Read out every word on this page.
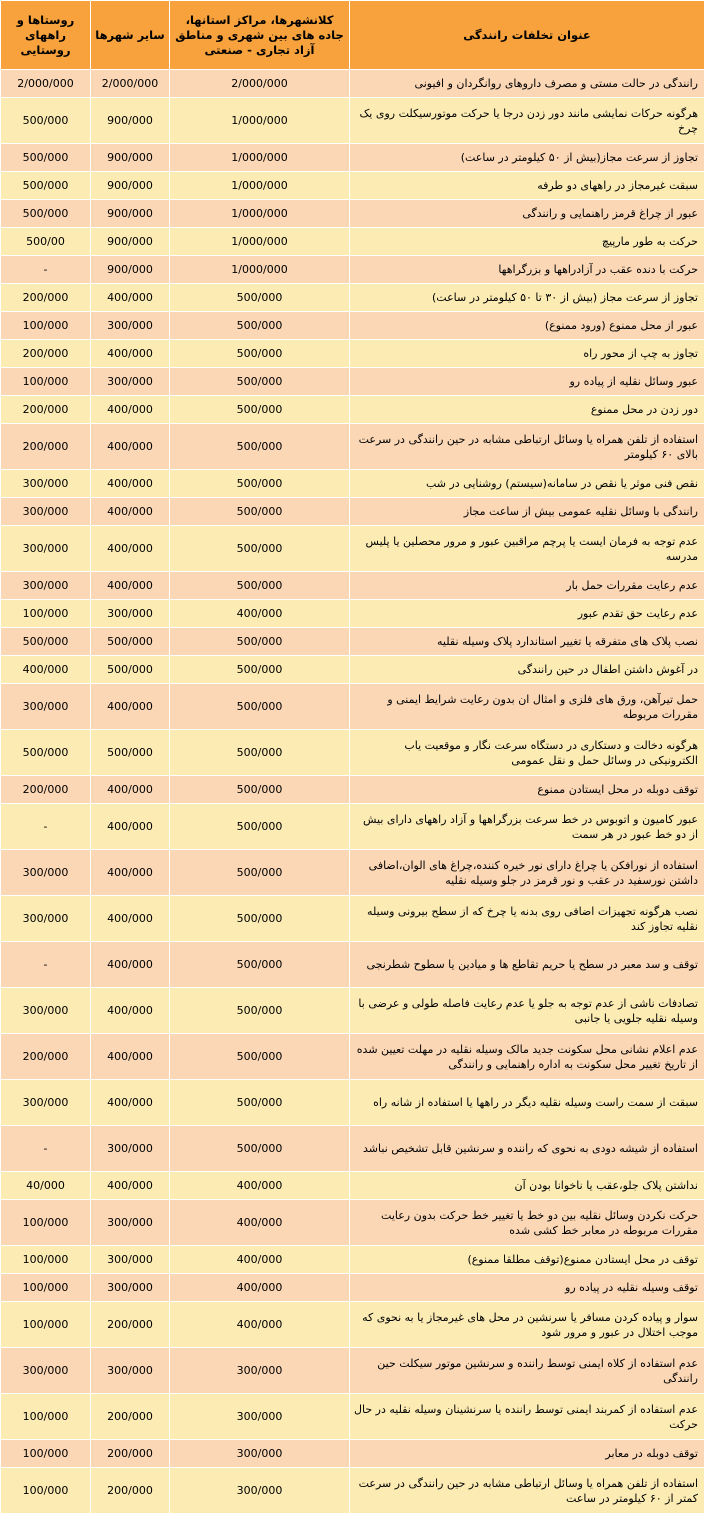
روستاها و راههای روستایی	سایر شهرها	کلانشهرها، مراکز استانها، جاده های بین شهری و مناطق آزاد تجاری - صنعتی	عنوان تخلفات رانندگی
2/000/000	2/000/000	2/000/000	رانندگی در حالت مستی و مصرف داروهای روانگردان و افیونی
500/000	900/000	1/000/000	هرگونه حرکات نمایشی مانند دور زدن درجا یا حرکت موتورسیکلت روی یک چرخ
500/000	900/000	1/000/000	تجاوز از سرعت مجاز(بیش از ۵۰ کیلومتر در ساعت)
500/000	900/000	1/000/000	سبقت غیرمجاز در راههای دو طرفه
500/000	900/000	1/000/000	عبور از چراغ قرمز راهنمایی و رانندگی
500/00	900/000	1/000/000	حرکت به طور مارپیچ
-	900/000	1/000/000	حرکت با دنده عقب در آزادراهها و بزرگراهها
200/000	400/000	500/000	تجاوز از سرعت مجاز (بیش از ۳۰ تا ۵۰ کیلومتر در ساعت)
100/000	300/000	500/000	عبور از محل ممنوع (ورود ممنوع)
200/000	400/000	500/000	تجاوز به چپ از محور راه
100/000	300/000	500/000	عبور وسائل نقلیه از پیاده رو
200/000	400/000	500/000	دور زدن در محل ممنوع
200/000	400/000	500/000	استفاده از تلفن همراه یا وسائل ارتباطی مشابه در حین رانندگی در سرعت بالای ۶۰ کیلومتر
300/000	400/000	500/000	نقص فنی موثر یا نقص در سامانه(سیستم) روشنایی در شب
300/000	400/000	500/000	رانندگی با وسائل نقلیه عمومی بیش از ساعت مجاز
300/000	400/000	500/000	عدم توجه به فرمان ایست یا پرچم مراقبین عبور و مرور محصلین یا پلیس مدرسه
300/000	400/000	500/000	عدم رعایت مقررات حمل بار
100/000	300/000	400/000	عدم رعایت حق تقدم عبور
500/000	500/000	500/000	نصب پلاک های متفرقه یا تغییر استاندارد پلاک وسیله نقلیه
400/000	500/000	500/000	در آغوش داشتن اطفال در حین رانندگی
300/000	400/000	500/000	حمل تیرآهن، ورق های فلزی و امثال ان بدون رعایت شرایط ایمنی و مقررات مربوطه
500/000	500/000	500/000	هرگونه دخالت و دستکاری در دستگاه سرعت نگار و موقعیت یاب الکترونیکی در وسائل حمل و نقل عمومی
200/000	400/000	500/000	توقف دوبله در محل ایستادن ممنوع
-	400/000	500/000	عبور کامیون و اتوبوس در خط سرعت بزرگراهها و آزاد راههای دارای بیش از دو خط عبور در هر سمت
300/000	400/000	500/000	استفاده از نورافکن یا چراغ دارای نور خیره کننده،چراغ های الوان،اضافی داشتن نورسفید در عقب و نور قرمز در جلو وسیله نقلیه
300/000	400/000	500/000	نصب هرگونه تجهیزات اضافی روی بدنه یا چرخ که از سطح بیرونی وسیله نقلیه تجاوز کند
-	400/000	500/000	توقف و سد معبر در سطح یا حریم تقاطع ها و میادین یا سطوح شطرنجی
300/000	400/000	500/000	تصادفات ناشی از عدم توجه به جلو یا عدم رعایت فاصله طولی و عرضی با وسیله نقلیه جلویی یا جانبی
200/000	400/000	500/000	عدم اعلام نشانی محل سکونت جدید مالک وسیله نقلیه در مهلت تعیین شده از تاریخ تغییر محل سکونت به اداره راهنمایی و رانندگی
300/000	400/000	500/000	سبقت از سمت راست وسیله نقلیه دیگر در راهها یا استفاده از شانه راه
-	300/000	500/000	استفاده از شیشه دودی به نحوی که راننده و سرنشین قابل تشخیص نباشد
40/000	400/000	400/000	نداشتن پلاک جلو،عقب یا ناخوانا بودن آن
100/000	300/000	400/000	حرکت نکردن وسائل نقلیه بین دو خط یا تغییر خط حرکت بدون رعایت مقررات مربوطه در معابر خط کشی شده
100/000	300/000	400/000	توقف در محل ایستادن ممنوع(توقف مطلقا ممنوع)
100/000	300/000	400/000	توقف وسیله نقلیه در پیاده رو
100/000	200/000	400/000	سوار و پیاده کردن مسافر یا سرنشین در محل های غیرمجاز یا به نحوی که موجب اختلال در عبور و مرور شود
300/000	300/000	300/000	عدم استفاده از کلاه ایمنی توسط راننده و سرنشین موتور سیکلت حین رانندگی
100/000	200/000	300/000	عدم استفاده از کمربند ایمنی توسط راننده یا سرنشینان وسیله نقلیه در حال حرکت
100/000	200/000	300/000	توقف دوبله در معابر
100/000	200/000	300/000	استفاده از تلفن همراه یا وسائل ارتباطی مشابه در حین رانندگی در سرعت کمتر از ۶۰ کیلومتر در ساعت
